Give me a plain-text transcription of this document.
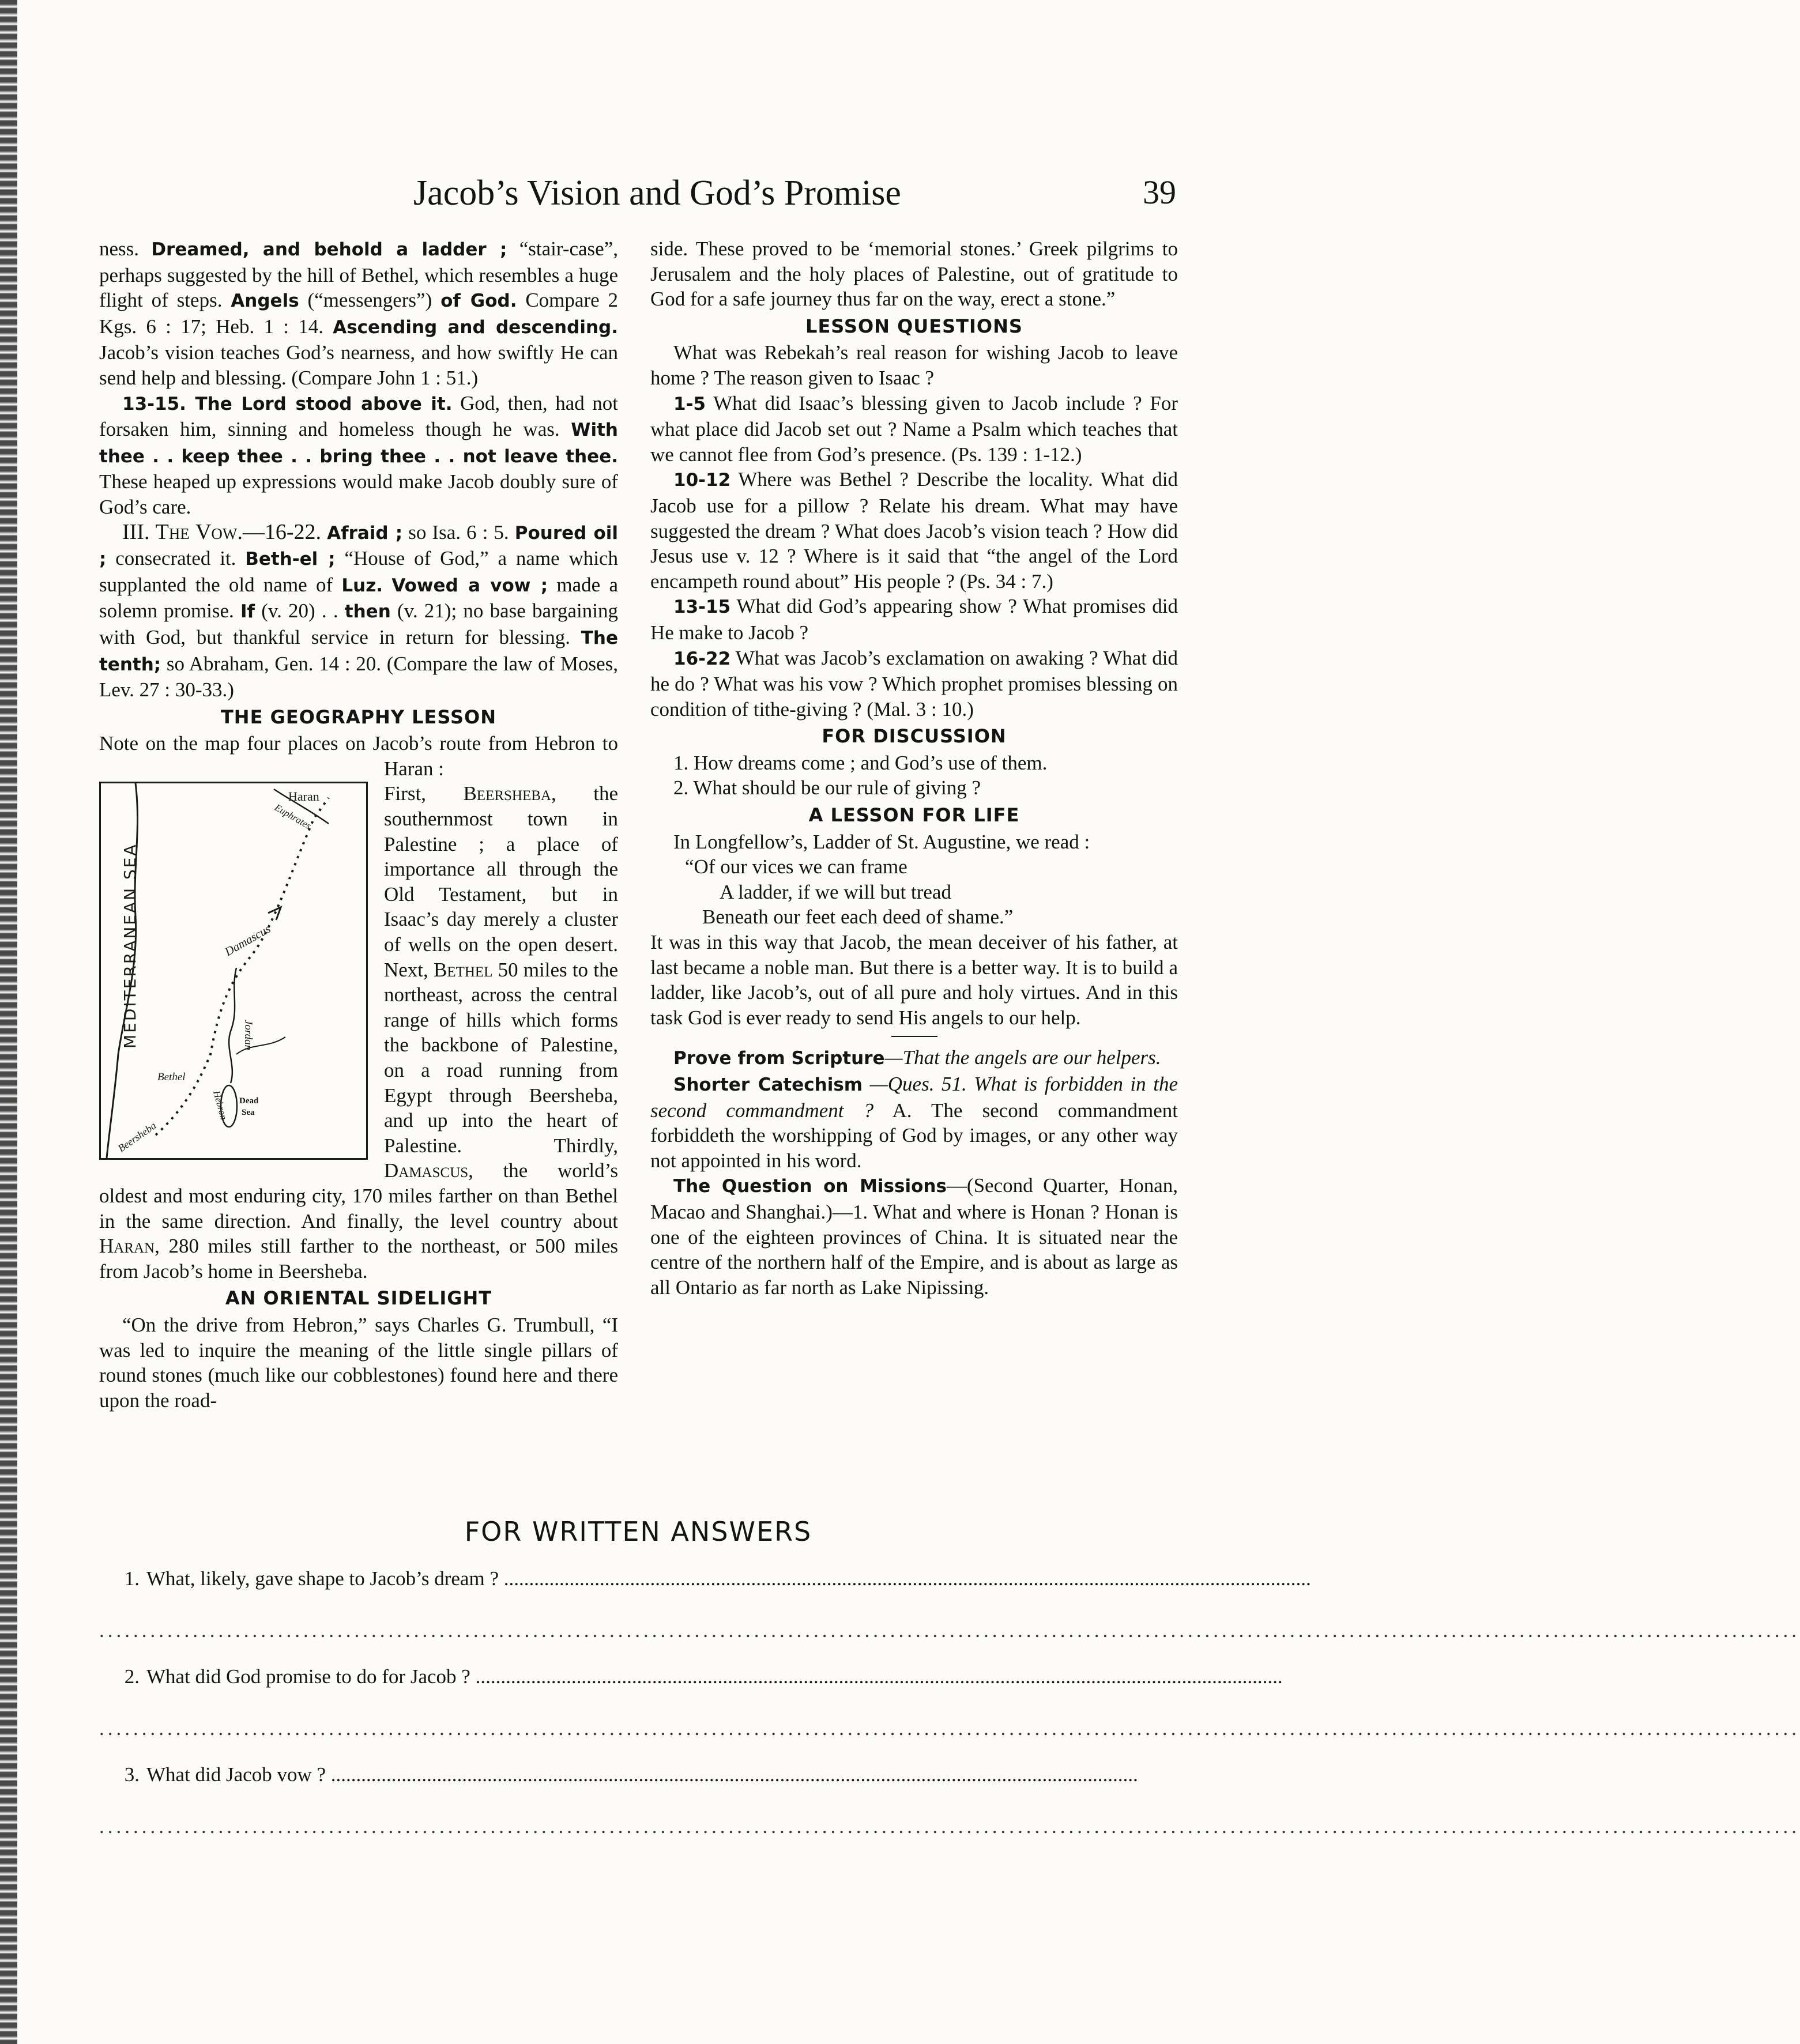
Jacob’s Vision and God’s Promise	39

ness. Dreamed, and behold a ladder ; “stair-case”, perhaps suggested by the hill of Bethel, which resembles a huge flight of steps. Angels (“messengers”) of God. Compare 2 Kgs. 6 : 17; Heb. 1 : 14. Ascending and descending. Jacob’s vision teaches God’s nearness, and how swiftly He can send help and blessing. (Compare John 1 : 51.)

13-15. The Lord stood above it. God, then, had not forsaken him, sinning and homeless though he was. With thee . . keep thee . . bring thee . . not leave thee. These heaped up expressions would make Jacob doubly sure of God’s care.

III. The Vow.—16-22. Afraid ; so Isa. 6 : 5. Poured oil ; consecrated it. Beth-el ; “House of God,” a name which supplanted the old name of Luz. Vowed a vow ; made a solemn promise. If (v. 20) . . then (v. 21); no base bargaining with God, but thankful service in return for blessing. The tenth; so Abraham, Gen. 14 : 20. (Compare the law of Moses, Lev. 27 : 30-33.)

THE GEOGRAPHY LESSON

Note on the map four places on Jacob’s route from Hebron to Haran :

MEDITERRANEAN SEA
Haran
Euphrates
Damascus
Jordan
Bethel
Hebron
Beersheba
Dead
Sea

First, Beersheba, the southernmost town in Palestine ; a place of importance all through the Old Testament, but in Isaac’s day merely a cluster of wells on the open desert. Next, Bethel 50 miles to the northeast, across the central range of hills which forms the backbone of Palestine, on a road running from Egypt through Beersheba, and up into the heart of Palestine. Thirdly, Damascus, the world’s oldest and most enduring city, 170 miles farther on than Bethel in the same direction. And finally, the level country about Haran, 280 miles still farther to the northeast, or 500 miles from Jacob’s home in Beersheba.

AN ORIENTAL SIDELIGHT

“On the drive from Hebron,” says Charles G. Trumbull, “I was led to inquire the meaning of the little single pillars of round stones (much like our cobblestones) found here and there upon the road-

side. These proved to be ‘memorial stones.’ Greek pilgrims to Jerusalem and the holy places of Palestine, out of gratitude to God for a safe journey thus far on the way, erect a stone.”

LESSON QUESTIONS

What was Rebekah’s real reason for wishing Jacob to leave home ? The reason given to Isaac ?

1-5 What did Isaac’s blessing given to Jacob include ? For what place did Jacob set out ? Name a Psalm which teaches that we cannot flee from God’s presence. (Ps. 139 : 1-12.)

10-12 Where was Bethel ? Describe the locality. What did Jacob use for a pillow ? Relate his dream. What may have suggested the dream ? What does Jacob’s vision teach ? How did Jesus use v. 12 ? Where is it said that “the angel of the Lord encampeth round about” His people ? (Ps. 34 : 7.)

13-15 What did God’s appearing show ? What promises did He make to Jacob ?

16-22 What was Jacob’s exclamation on awaking ? What did he do ? What was his vow ? Which prophet promises blessing on condition of tithe-giving ? (Mal. 3 : 10.)

FOR DISCUSSION

1. How dreams come ; and God’s use of them.

2. What should be our rule of giving ?

A LESSON FOR LIFE

In Longfellow’s, Ladder of St. Augustine, we read :

“Of our vices we can frame
A ladder, if we will but tread
Beneath our feet each deed of shame.”

It was in this way that Jacob, the mean deceiver of his father, at last became a noble man. But there is a better way. It is to build a ladder, like Jacob’s, out of all pure and holy virtues. And in this task God is ever ready to send His angels to our help.

Prove from Scripture—That the angels are our helpers.

Shorter Catechism —Ques. 51. What is forbidden in the second commandment ? A. The second commandment forbiddeth the worshipping of God by images, or any other way not appointed in his word.

The Question on Missions—(Second Quarter, Honan, Macao and Shanghai.)—1. What and where is Honan ? Honan is one of the eighteen provinces of China. It is situated near the centre of the northern half of the Empire, and is about as large as all Ontario as far north as Lake Nipissing.

FOR WRITTEN ANSWERS
1. What, likely, gave shape to Jacob’s dream ? ................................................................................................................................................................
........................................................................................................................................................................................................
2. What did God promise to do for Jacob ? ................................................................................................................................................................
........................................................................................................................................................................................................
3. What did Jacob vow ? ................................................................................................................................................................
........................................................................................................................................................................................................
